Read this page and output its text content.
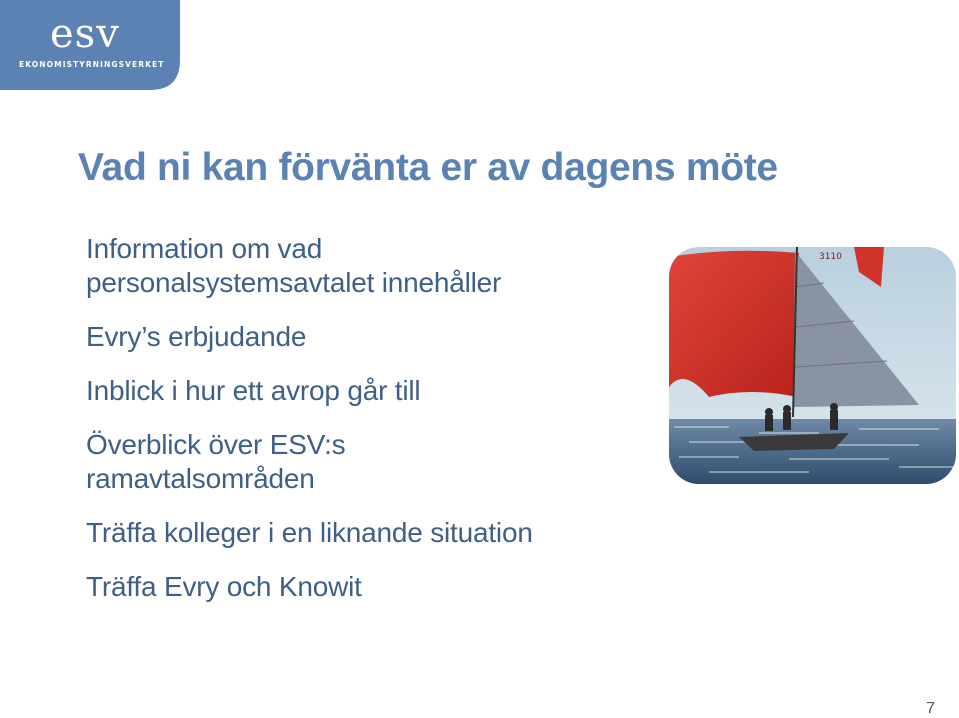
esv
EKONOMISTYRNINGSVERKET
Vad ni kan förvänta er av dagens möte
Information om vad
personalsystemsavtalet innehåller
Evry’s erbjudande
Inblick i hur ett avrop går till
Överblick över ESV:s
ramavtalsområden
Träffa kolleger i en liknande situation
Träffa Evry och Knowit
3110
7
